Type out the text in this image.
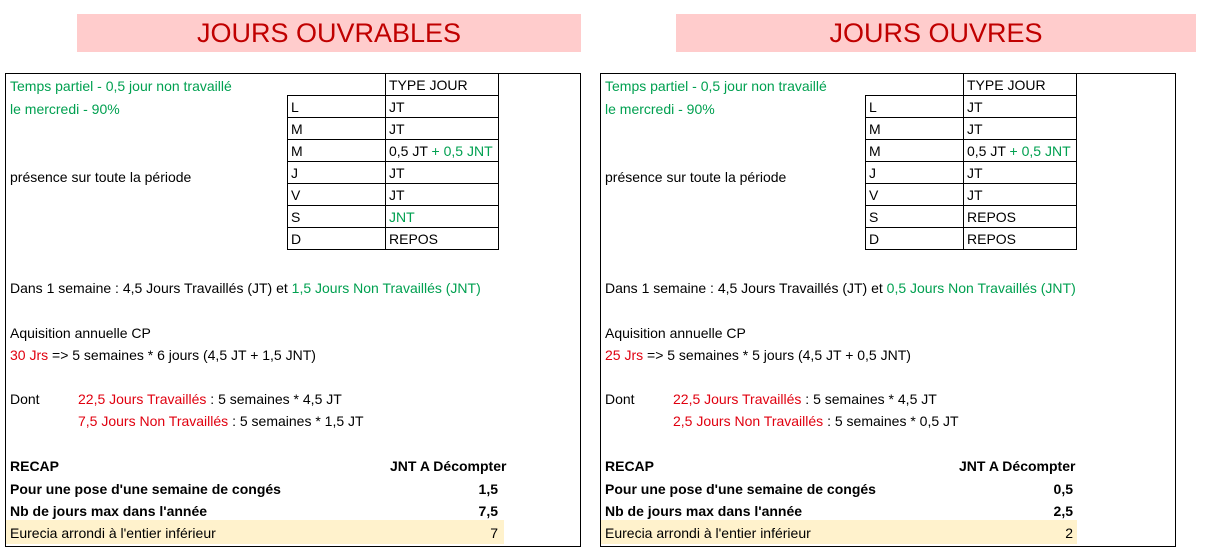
JOURS OUVRABLES
Temps partiel - 0,5 jour non travaillé
le mercredi - 90%
présence sur toute la période
	TYPE JOUR
L	JT
M	JT
M	0,5 JT + 0,5 JNT
J	JT
V	JT
S	JNT
D	REPOS
Dans 1 semaine : 4,5 Jours Travaillés (JT) et 1,5 Jours Non Travaillés (JNT)
Aquisition annuelle CP
30 Jrs => 5 semaines * 6 jours (4,5 JT + 1,5 JNT)
Dont	22,5 Jours Travaillés : 5 semaines * 4,5 JT
7,5 Jours Non Travaillés : 5 semaines * 1,5 JT
RECAP	JNT A Décompter
Pour une pose d'une semaine de congés	1,5
Nb de jours max dans l'année	7,5
Eurecia arrondi à l'entier inférieur	7
JOURS OUVRES
Temps partiel - 0,5 jour non travaillé
le mercredi - 90%
présence sur toute la période
	TYPE JOUR
L	JT
M	JT
M	0,5 JT + 0,5 JNT
J	JT
V	JT
S	REPOS
D	REPOS
Dans 1 semaine : 4,5 Jours Travaillés (JT) et 0,5 Jours Non Travaillés (JNT)
Aquisition annuelle CP
25 Jrs => 5 semaines * 5 jours (4,5 JT + 0,5 JNT)
Dont	22,5 Jours Travaillés : 5 semaines * 4,5 JT
2,5 Jours Non Travaillés : 5 semaines * 0,5 JT
RECAP	JNT A Décompter
Pour une pose d'une semaine de congés	0,5
Nb de jours max dans l'année	2,5
Eurecia arrondi à l'entier inférieur	2
